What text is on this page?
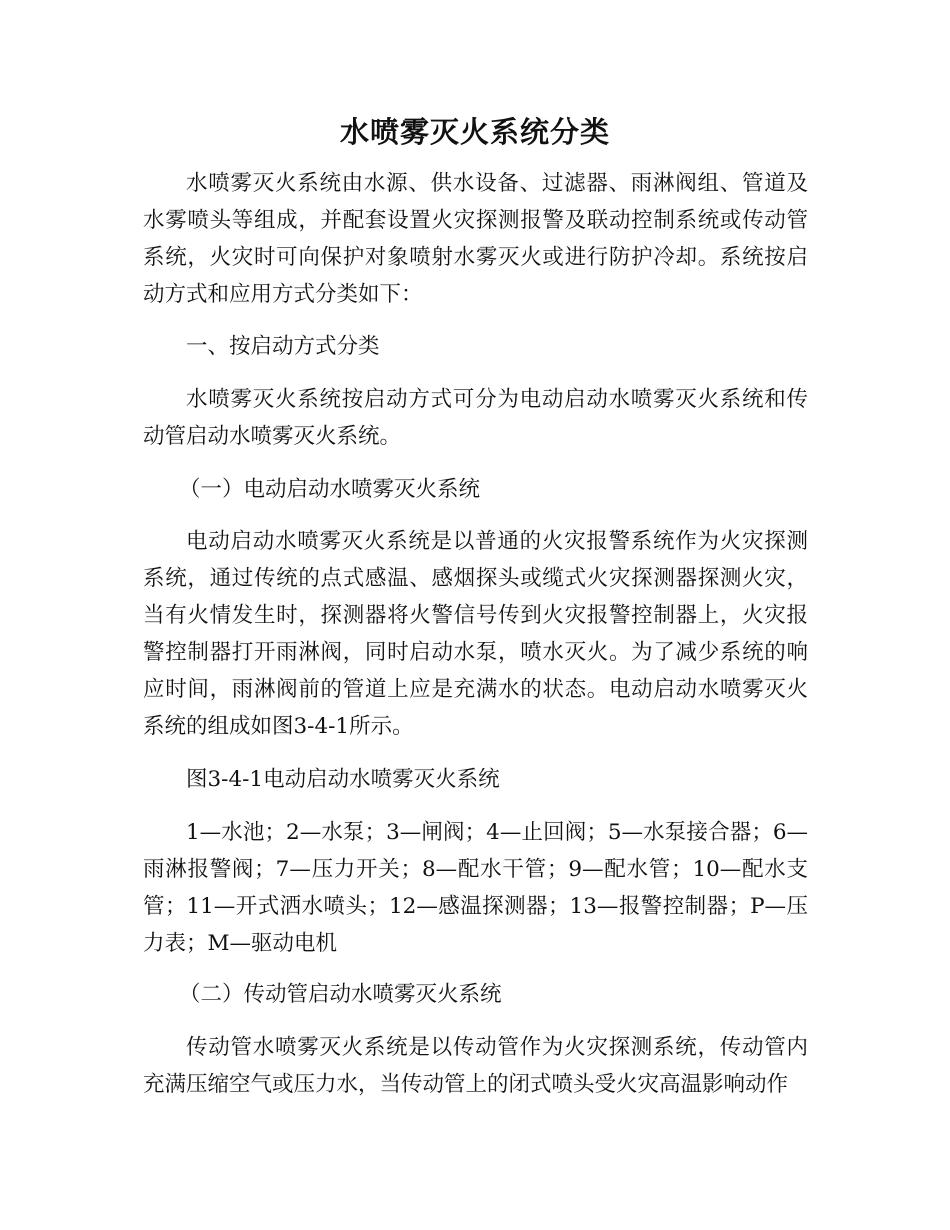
水喷雾灭火系统分类

水喷雾灭火系统由水源、供水设备、过滤器、雨淋阀组、管道及水雾喷头等组成，并配套设置火灾探测报警及联动控制系统或传动管系统，火灾时可向保护对象喷射水雾灭火或进行防护冷却。系统按启动方式和应用方式分类如下：

一、按启动方式分类

水喷雾灭火系统按启动方式可分为电动启动水喷雾灭火系统和传动管启动水喷雾灭火系统。

（一）电动启动水喷雾灭火系统

电动启动水喷雾灭火系统是以普通的火灾报警系统作为火灾探测系统，通过传统的点式感温、感烟探头或缆式火灾探测器探测火灾，当有火情发生时，探测器将火警信号传到火灾报警控制器上，火灾报警控制器打开雨淋阀，同时启动水泵，喷水灭火。为了减少系统的响应时间，雨淋阀前的管道上应是充满水的状态。电动启动水喷雾灭火系统的组成如图3-4-1所示。

图3-4-1电动启动水喷雾灭火系统

1—水池；2—水泵；3—闸阀；4—止回阀；5—水泵接合器；6—雨淋报警阀；7—压力开关；8—配水干管；9—配水管；10—配水支管；11—开式洒水喷头；12—感温探测器；13—报警控制器；P—压力表；M—驱动电机

（二）传动管启动水喷雾灭火系统

传动管水喷雾灭火系统是以传动管作为火灾探测系统，传动管内充满压缩空气或压力水，当传动管上的闭式喷头受火灾高温影响动作
